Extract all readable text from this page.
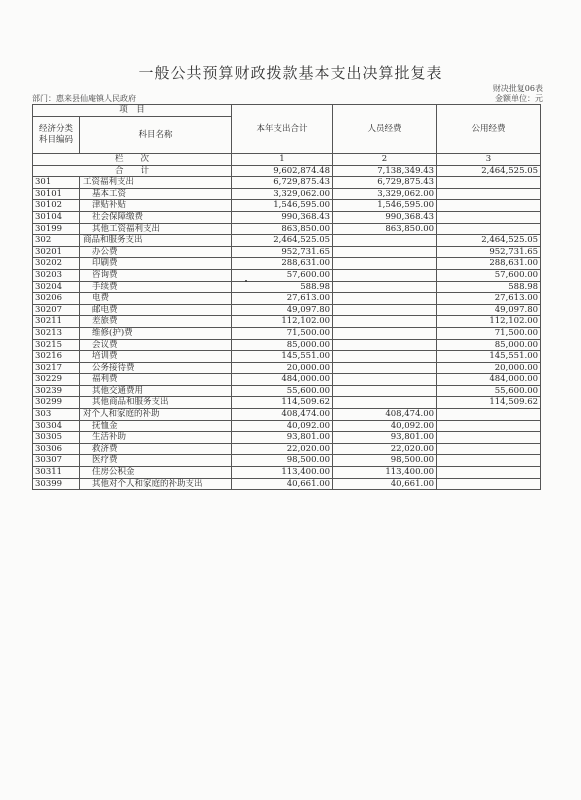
一般公共预算财政拨款基本支出决算批复表
财决批复06表
部门：惠来县仙庵镇人民政府	金额单位：元
项　目		本年支出合计	人员经费	公用经费
经济分类科目编码	科目名称			

栏　　次		1	2	3
合　　计		9,602,874.48	7,138,349.43	2,464,525.05
301	工资福利支出	6,729,875.43	6,729,875.43	
30101	基本工资	3,329,062.00	3,329,062.00	
30102	津贴补贴	1,546,595.00	1,546,595.00	
30104	社会保障缴费	990,368.43	990,368.43	
30199	其他工资福利支出	863,850.00	863,850.00	
302	商品和服务支出	2,464,525.05		2,464,525.05
30201	办公费	952,731.65		952,731.65
30202	印刷费	288,631.00		288,631.00
30203	咨询费	57,600.00		57,600.00
30204	手续费	588.98		588.98
30206	电费	27,613.00		27,613.00
30207	邮电费	49,097.80		49,097.80
30211	差旅费	112,102.00		112,102.00
30213	维修(护)费	71,500.00		71,500.00
30215	会议费	85,000.00		85,000.00
30216	培训费	145,551.00		145,551.00
30217	公务接待费	20,000.00		20,000.00
30229	福利费	484,000.00		484,000.00
30239	其他交通费用	55,600.00		55,600.00
30299	其他商品和服务支出	114,509.62		114,509.62
303	对个人和家庭的补助	408,474.00	408,474.00	
30304	抚恤金	40,092.00	40,092.00	
30305	生活补助	93,801.00	93,801.00	
30306	救济费	22,020.00	22,020.00	
30307	医疗费	98,500.00	98,500.00	
30311	住房公积金	113,400.00	113,400.00	
30399	其他对个人和家庭的补助支出	40,661.00	40,661.00	
